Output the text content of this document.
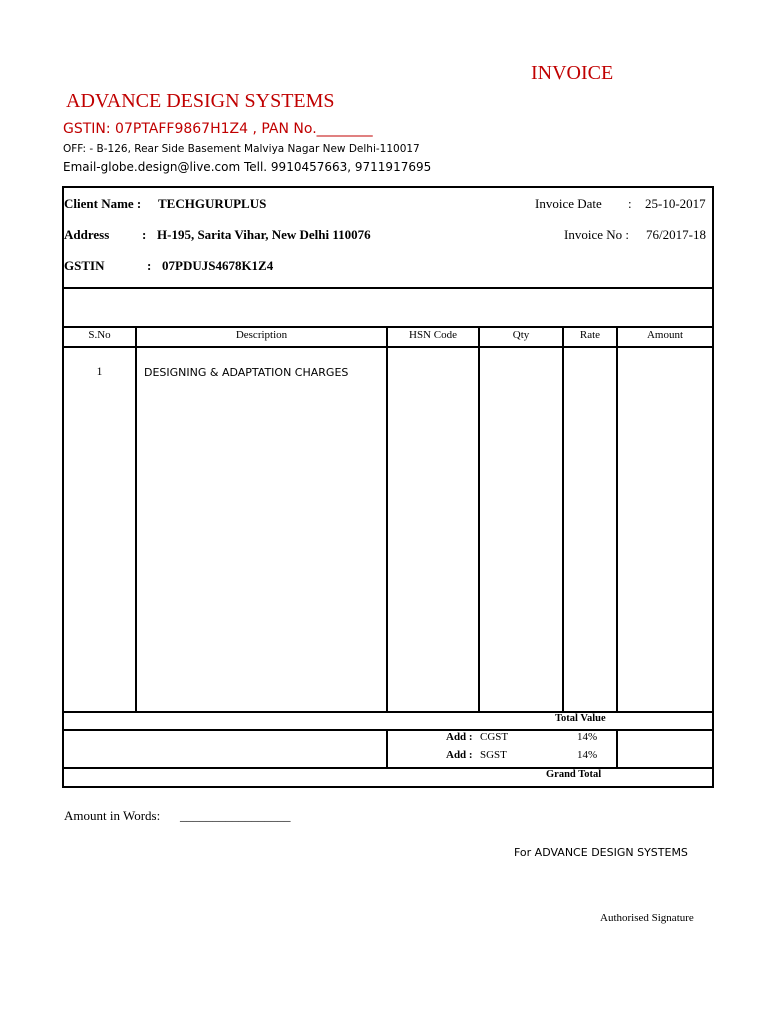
INVOICE
ADVANCE DESIGN SYSTEMS
GSTIN: 07PTAFF9867H1Z4 , PAN No.________
OFF: - B-126, Rear Side Basement Malviya Nagar New Delhi-110017
Email-globe.design@live.com Tell. 9910457663, 9711917695
Client Name : TECHGURUPLUS
Address	: H-195, Sarita Vihar, New Delhi 110076
GSTIN	: 07PDUJS4678K1Z4
Invoice Date : 25-10-2017
Invoice No : 76/2017-18
S.No	Description	HSN Code	Qty	Rate	Amount
1	DESIGNING & ADAPTATION CHARGES
Total Value
Add : CGST	14%
Add : SGST	14%
Grand Total
Amount in Words: _________________
For ADVANCE DESIGN SYSTEMS
Authorised Signature
